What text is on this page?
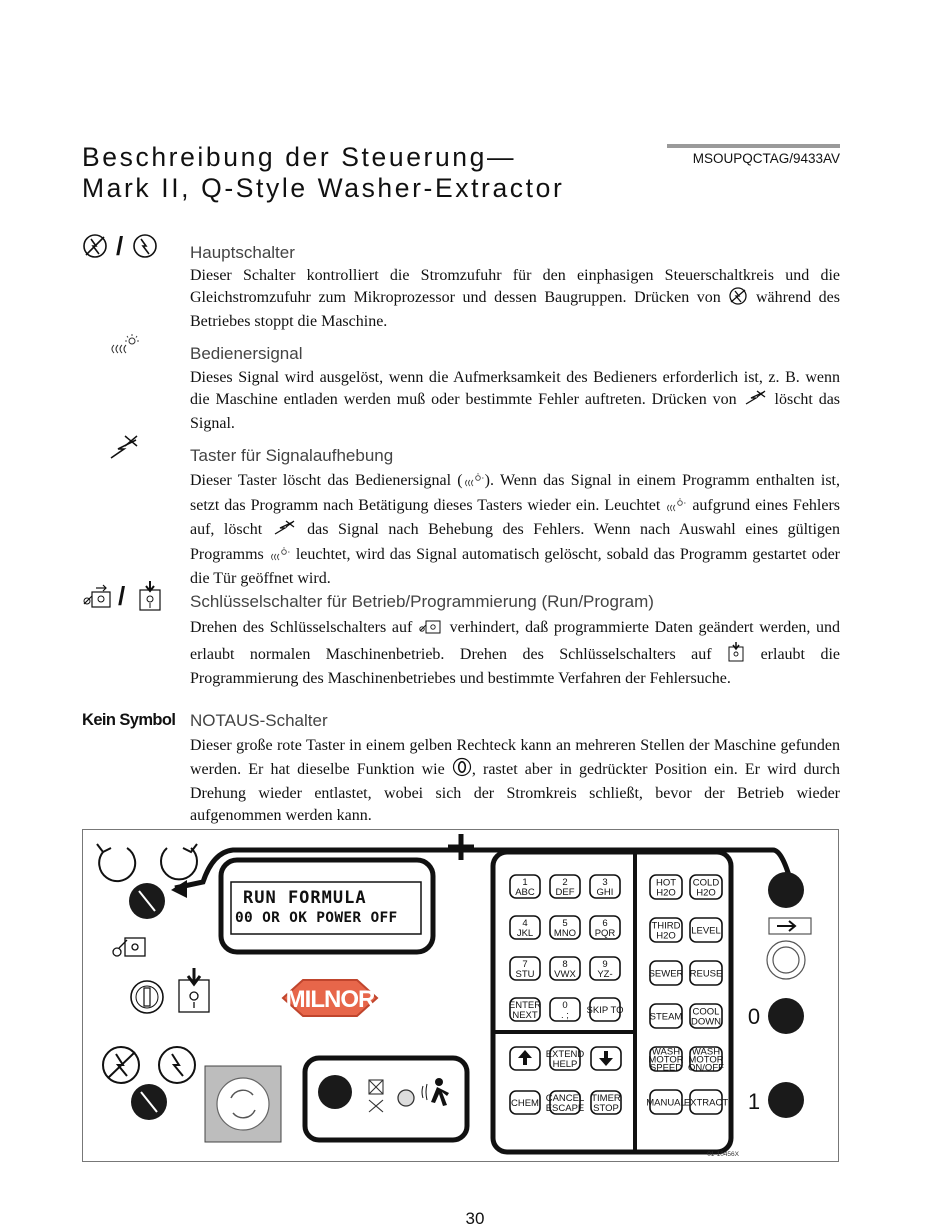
Beschreibung der Steuerung—
Mark II, Q-Style Washer-Extractor
MSOUPQCTAG/9433AV
/	Hauptschalter
Dieser Schalter kontrolliert die Stromzufuhr für den einphasigen Steuerschaltkreis und die Gleichstromzufuhr zum Mikroprozessor und dessen Baugruppen. Drücken von während des Betriebes stoppt die Maschine.
Bedienersignal
Dieses Signal wird ausgelöst, wenn die Aufmerksamkeit des Bedieners erforderlich ist, z. B. wenn die Maschine entladen werden muß oder bestimmte Fehler auftreten. Drücken von löscht das Signal.
Taster für Signalaufhebung
Dieser Taster löscht das Bedienersignal ( ). Wenn das Signal in einem Programm enthalten ist, setzt das Programm nach Betätigung dieses Tasters wieder ein. Leuchtet aufgrund eines Fehlers auf, löscht	das Signal nach Behebung des Fehlers. Wenn nach Auswahl eines gültigen Programms leuchtet, wird das Signal automatisch gelöscht, sobald das Programm gestartet oder die Tür geöffnet wird.
/	Schlüsselschalter für Betrieb/Programmierung (Run/Program)
Drehen des Schlüsselschalters auf verhindert, daß programmierte Daten geändert werden, und erlaubt normalen Maschinenbetrieb. Drehen des Schlüsselschalters auf	erlaubt die Programmierung des Maschinenbetriebes und bestimmte Verfahren der Fehlersuche.
Kein Symbol NOTAUS-Schalter
Dieser große rote Taster in einem gelben Rechteck kann an mehreren Stellen der Maschine gefunden werden. Er hat dieselbe Funktion wie , rastet aber in gedrückter Position ein. Er wird durch Drehung wieder entlastet, wobei sich der Stromkreis schließt, bevor der Betrieb wieder aufgenommen werden kann.
MILNOR
0
1
01-10456X
1
ABC
2
DEF
3
GHI
4
JKL
5
MNO
6
PQR
7
STU
8
VWX
9
YZ-
ENTER
NEXT
0
. ; SKIP TO
EXTEND
HELP
CHEM CANCEL
ESCAPE
TIMER
STOP
HOT
H2O
COLD
H2O
THIRD
H2O LEVEL
SEWER REUSE
STEAM COOL
DOWN
WASH
MOTOR
SPEED
WASH
MOTOR
ON/OFF
MANUAL
EXTRACT
RUN FORMULA
00 OR OK POWER OFF
30
